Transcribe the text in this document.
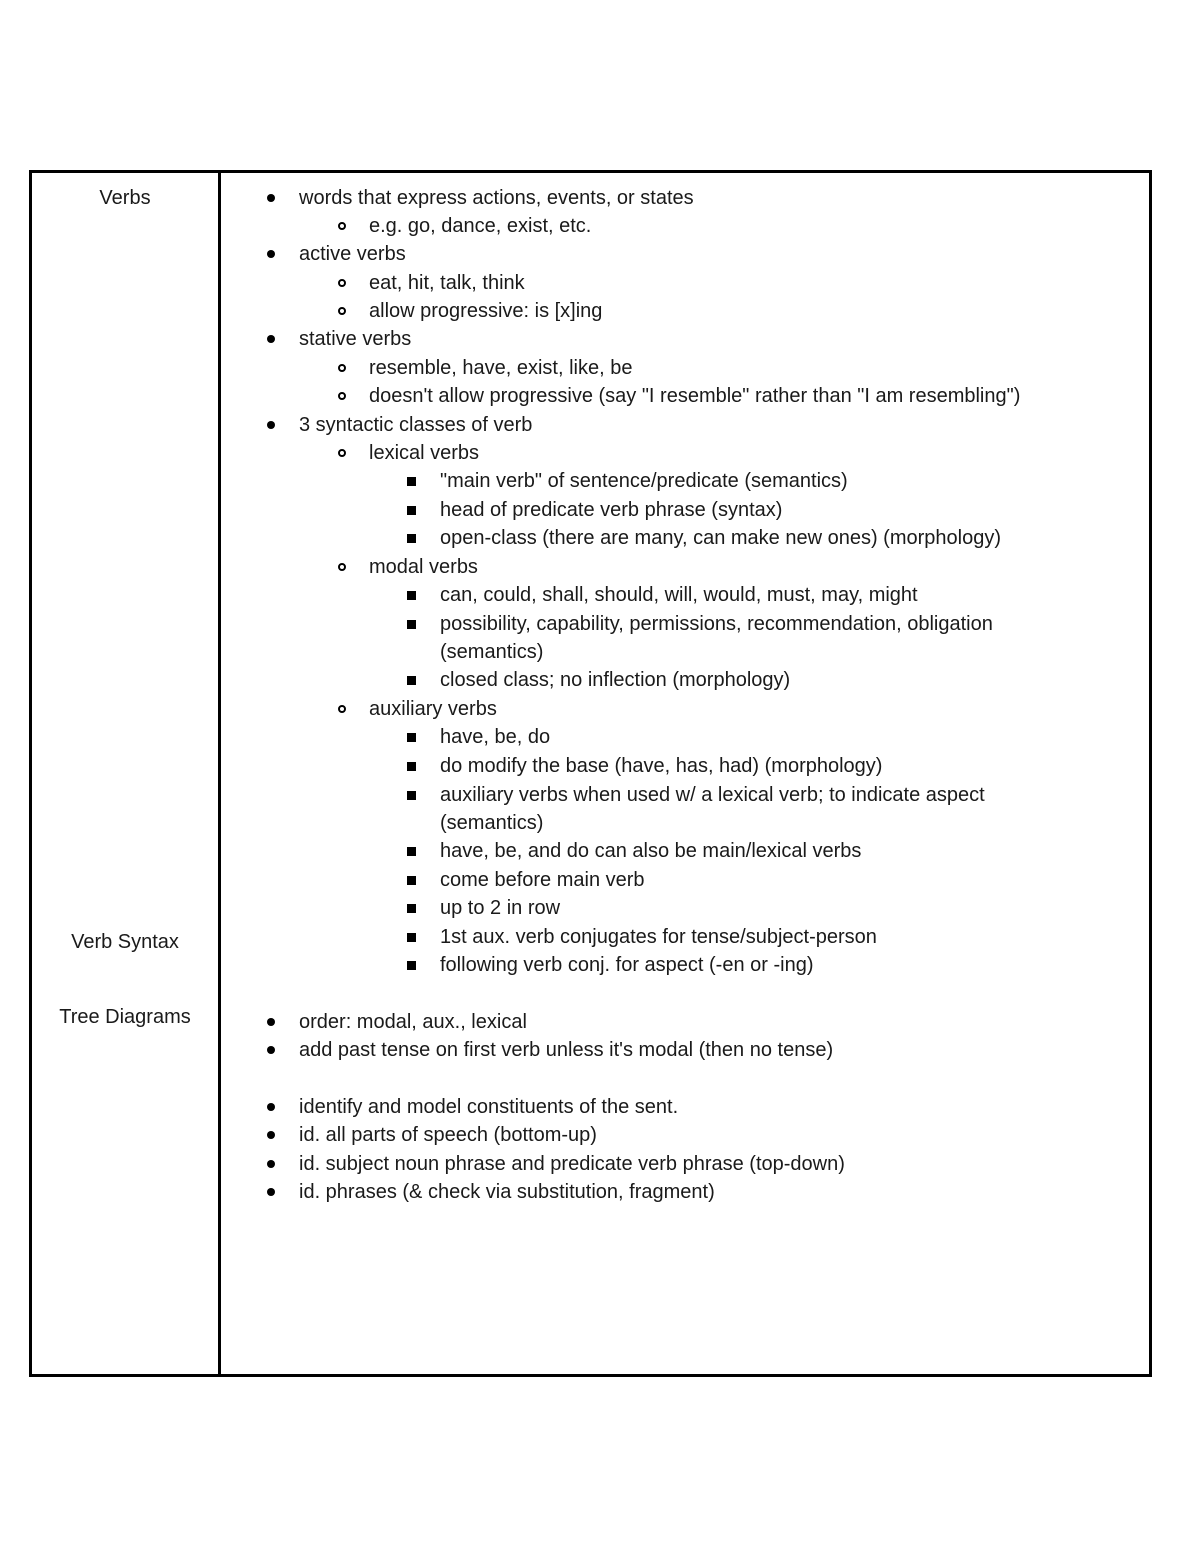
Verbs
Verb Syntax
Tree Diagrams
words that express actions, events, or states
e.g. go, dance, exist, etc.
active verbs
eat, hit, talk, think
allow progressive: is [x]ing
stative verbs
resemble, have, exist, like, be
doesn't allow progressive (say "I resemble" rather than "I am resembling")
3 syntactic classes of verb
lexical verbs
"main verb" of sentence/predicate (semantics)
head of predicate verb phrase (syntax)
open-class (there are many, can make new ones) (morphology)
modal verbs
can, could, shall, should, will, would, must, may, might
possibility, capability, permissions, recommendation, obligation
(semantics)
closed class; no inflection (morphology)
auxiliary verbs
have, be, do
do modify the base (have, has, had) (morphology)
auxiliary verbs when used w/ a lexical verb; to indicate aspect
(semantics)
have, be, and do can also be main/lexical verbs
come before main verb
up to 2 in row
1st aux. verb conjugates for tense/subject-person
following verb conj. for aspect (-en or -ing)
order: modal, aux., lexical
add past tense on first verb unless it's modal (then no tense)
identify and model constituents of the sent.
id. all parts of speech (bottom-up)
id. subject noun phrase and predicate verb phrase (top-down)
id. phrases (& check via substitution, fragment)
